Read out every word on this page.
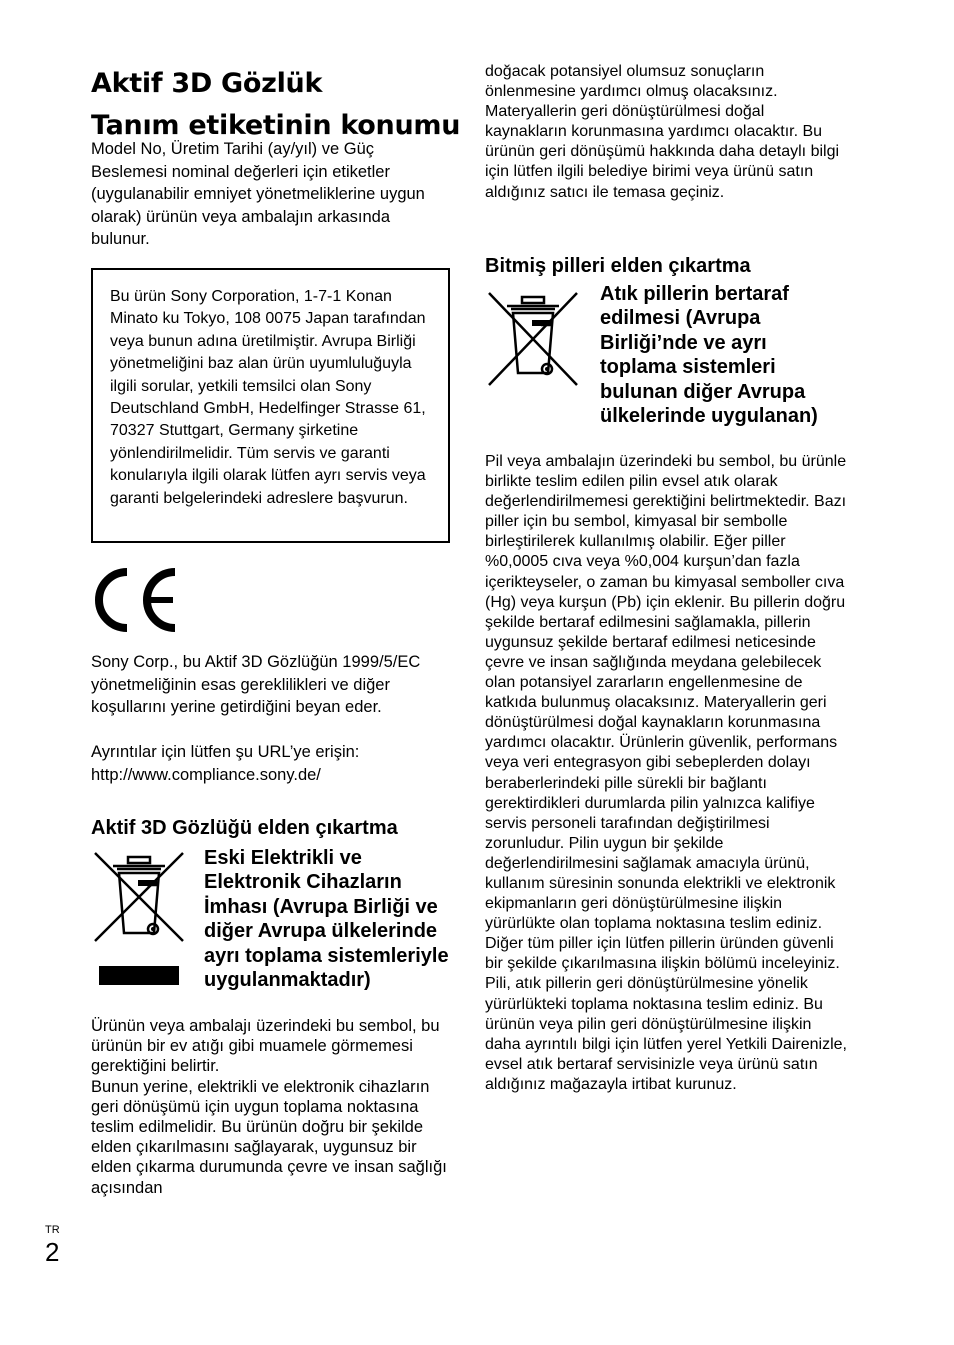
Aktif 3D Gözlük
Tanım etiketinin konumu

Model No, Üretim Tarihi (ay/yıl) ve Güç Beslemesi nominal değerleri için etiketler (uygulanabilir emniyet yönetmeliklerine uygun olarak) ürünün veya ambalajın arkasında bulunur.

Bu ürün Sony Corporation, 1-7-1 Konan Minato ku Tokyo, 108 0075 Japan tarafından veya bunun adına üretilmiştir. Avrupa Birliği yönetmeliğini baz alan ürün uyumluluğuyla ilgili sorular, yetkili temsilci olan Sony Deutschland GmbH, Hedelfinger Strasse 61, 70327 Stuttgart, Germany şirketine yönlendirilmelidir. Tüm servis ve garanti konularıyla ilgili olarak lütfen ayrı servis veya garanti belgelerindeki adreslere başvurun.

Sony Corp., bu Aktif 3D Gözlüğün 1999/5/EC yönetmeliğinin esas gereklilikleri ve diğer koşullarını yerine getirdiğini beyan eder.

Ayrıntılar için lütfen şu URL’ye erişin:
http://www.compliance.sony.de/
Aktif 3D Gözlüğü elden çıkartma
Eski Elektrikli ve Elektronik Cihazların İmhası (Avrupa Birliği ve diğer Avrupa ülkelerinde ayrı toplama sistemleriyle uygulanmaktadır)

Ürünün veya ambalajı üzerindeki bu sembol, bu ürünün bir ev atığı gibi muamele görmemesi gerektiğini belirtir.

Bunun yerine, elektrikli ve elektronik cihazların geri dönüşümü için uygun toplama noktasına teslim edilmelidir. Bu ürünün doğru bir şekilde elden çıkarılmasını sağlayarak, uygunsuz bir elden çıkarma durumunda çevre ve insan sağlığı açısından

doğacak potansiyel olumsuz sonuçların önlenmesine yardımcı olmuş olacaksınız. Materyallerin geri dönüştürülmesi doğal kaynakların korunmasına yardımcı olacaktır. Bu ürünün geri dönüşümü hakkında daha detaylı bilgi için lütfen ilgili belediye birimi veya ürünü satın aldığınız satıcı ile temasa geçiniz.

Bitmiş pilleri elden çıkartma
Atık pillerin bertaraf edilmesi (Avrupa Birliği’nde ve ayrı toplama sistemleri bulunan diğer Avrupa ülkelerinde uygulanan)

Pil veya ambalajın üzerindeki bu sembol, bu ürünle birlikte teslim edilen pilin evsel atık olarak değerlendirilmemesi gerektiğini belirtmektedir. Bazı piller için bu sembol, kimyasal bir sembolle birleştirilerek kullanılmış olabilir. Eğer piller %0,0005 cıva veya %0,004 kurşun’dan fazla içerikteyseler, o zaman bu kimyasal semboller cıva (Hg) veya kurşun (Pb) için eklenir. Bu pillerin doğru şekilde bertaraf edilmesini sağlamakla, pillerin uygunsuz şekilde bertaraf edilmesi neticesinde çevre ve insan sağlığında meydana gelebilecek olan potansiyel zararların engellenmesine de katkıda bulunmuş olacaksınız. Materyallerin geri dönüştürülmesi doğal kaynakların korunmasına yardımcı olacaktır. Ürünlerin güvenlik, performans veya veri entegrasyon gibi sebeplerden dolayı beraberlerindeki pille sürekli bir bağlantı gerektirdikleri durumlarda pilin yalnızca kalifiye servis personeli tarafından değiştirilmesi zorunludur. Pilin uygun bir şekilde değerlendirilmesini sağlamak amacıyla ürünü, kullanım süresinin sonunda elektrikli ve elektronik ekipmanların geri dönüştürülmesine ilişkin yürürlükte olan toplama noktasına teslim ediniz. Diğer tüm piller için lütfen pillerin üründen güvenli bir şekilde çıkarılmasına ilişkin bölümü inceleyiniz. Pili, atık pillerin geri dönüştürülmesine yönelik yürürlükteki toplama noktasına teslim ediniz. Bu ürünün veya pilin geri dönüştürülmesine ilişkin daha ayrıntılı bilgi için lütfen yerel Yetkili Dairenizle, evsel atık bertaraf servisinizle veya ürünü satın aldığınız mağazayla irtibat kurunuz.

TR
2
